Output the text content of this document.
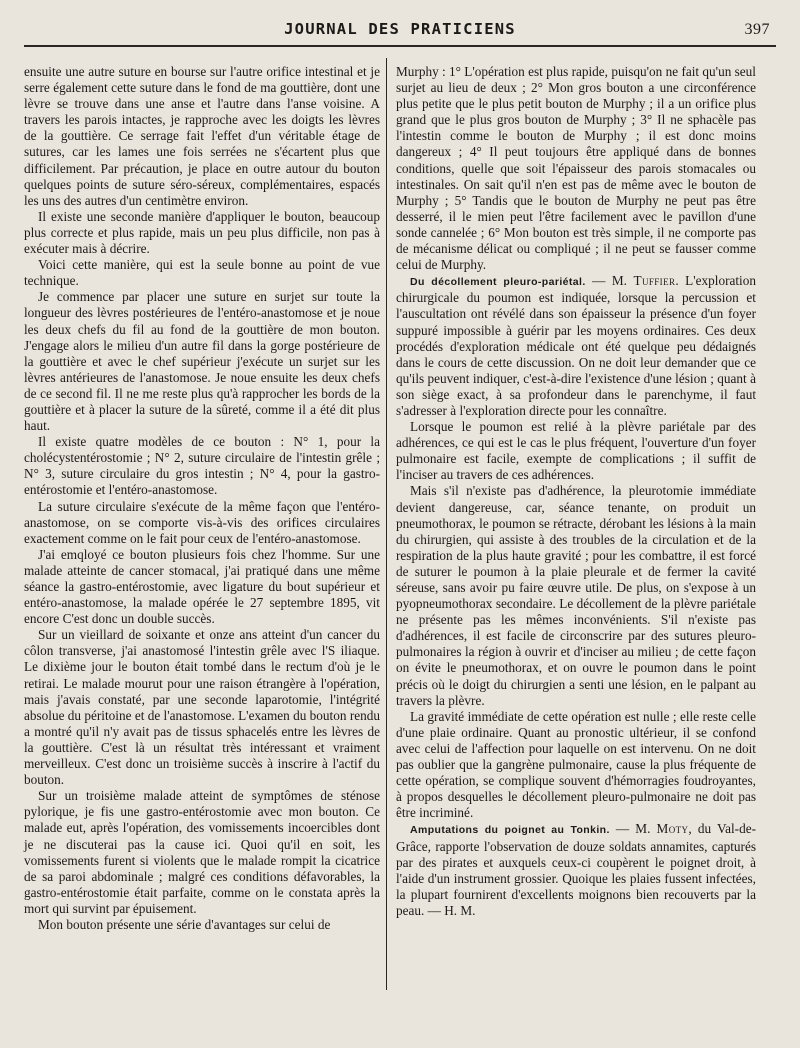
JOURNAL DES PRATICIENS	397

ensuite une autre suture en bourse sur l'autre orifice intestinal et je serre également cette suture dans le fond de ma gouttière, dont une lèvre se trouve dans une anse et l'autre dans l'anse voisine. A travers les parois intactes, je rapproche avec les doigts les lèvres de la gouttière. Ce serrage fait l'effet d'un véritable étage de sutures, car les lames une fois serrées ne s'écartent plus que difficilement. Par précaution, je place en outre autour du bouton quelques points de suture séro-séreux, complémentaires, espacés les uns des autres d'un centimètre environ.

Il existe une seconde manière d'appliquer le bouton, beaucoup plus correcte et plus rapide, mais un peu plus difficile, non pas à exécuter mais à décrire.

Voici cette manière, qui est la seule bonne au point de vue technique.

Je commence par placer une suture en surjet sur toute la longueur des lèvres postérieures de l'entéro-anastomose et je noue les deux chefs du fil au fond de la gouttière de mon bouton. J'engage alors le milieu d'un autre fil dans la gorge postérieure de la gouttière et avec le chef supérieur j'exécute un surjet sur les lèvres antérieures de l'anastomose. Je noue ensuite les deux chefs de ce second fil. Il ne me reste plus qu'à rapprocher les bords de la gouttière et à placer la suture de la sûreté, comme il a été dit plus haut.

Il existe quatre modèles de ce bouton : N° 1, pour la cholécystentérostomie ; N° 2, suture circulaire de l'intestin grêle ; N° 3, suture circulaire du gros intestin ; N° 4, pour la gastro-entérostomie et l'entéro-anastomose.

La suture circulaire s'exécute de la même façon que l'entéro-anastomose, on se comporte vis-à-vis des orifices circulaires exactement comme on le fait pour ceux de l'entéro-anastomose.

J'ai emqloyé ce bouton plusieurs fois chez l'homme. Sur une malade atteinte de cancer stomacal, j'ai pratiqué dans une même séance la gastro-entérostomie, avec ligature du bout supérieur et entéro-anastomose, la malade opérée le 27 septembre 1895, vit encore C'est donc un double succès.

Sur un vieillard de soixante et onze ans atteint d'un cancer du côlon transverse, j'ai anastomosé l'intestin grêle avec l'S iliaque. Le dixième jour le bouton était tombé dans le rectum d'où je le retirai. Le malade mourut pour une raison étrangère à l'opération, mais j'avais constaté, par une seconde laparotomie, l'intégrité absolue du péritoine et de l'anastomose. L'examen du bouton rendu a montré qu'il n'y avait pas de tissus sphacelés entre les lèvres de la gouttière. C'est là un résultat très intéressant et vraiment merveilleux. C'est donc un troisième succès à inscrire à l'actif du bouton.

Sur un troisième malade atteint de symptômes de sténose pylorique, je fis une gastro-entérostomie avec mon bouton. Ce malade eut, après l'opération, des vomissements incoercibles dont je ne discuterai pas la cause ici. Quoi qu'il en soit, les vomissements furent si violents que le malade rompit la cicatrice de sa paroi abdominale ; malgré ces conditions défavorables, la gastro-entérostomie était parfaite, comme on le constata après la mort qui survint par épuisement.

Mon bouton présente une série d'avantages sur celui de

Murphy : 1° L'opération est plus rapide, puisqu'on ne fait qu'un seul surjet au lieu de deux ; 2° Mon gros bouton a une circonférence plus petite que le plus petit bouton de Murphy ; il a un orifice plus grand que le plus gros bouton de Murphy ; 3° Il ne sphacèle pas l'intestin comme le bouton de Murphy ; il est donc moins dangereux ; 4° Il peut toujours être appliqué dans de bonnes conditions, quelle que soit l'épaisseur des parois stomacales ou intestinales. On sait qu'il n'en est pas de même avec le bouton de Murphy ; 5° Tandis que le bouton de Murphy ne peut pas être desserré, il le mien peut l'être facilement avec le pavillon d'une sonde cannelée ; 6° Mon bouton est très simple, il ne comporte pas de mécanisme délicat ou compliqué ; il ne peut se fausser comme celui de Murphy.

Du décollement pleuro-pariétal. — M. Tuffier. L'exploration chirurgicale du poumon est indiquée, lorsque la percussion et l'auscultation ont révélé dans son épaisseur la présence d'un foyer suppuré impossible à guérir par les moyens ordinaires. Ces deux procédés d'exploration médicale ont été quelque peu dédaignés dans le cours de cette discussion. On ne doit leur demander que ce qu'ils peuvent indiquer, c'est-à-dire l'existence d'une lésion ; quant à son siège exact, à sa profondeur dans le parenchyme, il faut s'adresser à l'exploration directe pour les connaître.

Lorsque le poumon est relié à la plèvre pariétale par des adhérences, ce qui est le cas le plus fréquent, l'ouverture d'un foyer pulmonaire est facile, exempte de complications ; il suffit de l'inciser au travers de ces adhérences.

Mais s'il n'existe pas d'adhérence, la pleurotomie immédiate devient dangereuse, car, séance tenante, on produit un pneumothorax, le poumon se rétracte, dérobant les lésions à la main du chirurgien, qui assiste à des troubles de la circulation et de la respiration de la plus haute gravité ; pour les combattre, il est forcé de suturer le poumon à la plaie pleurale et de fermer la cavité séreuse, sans avoir pu faire œuvre utile. De plus, on s'expose à un pyopneumothorax secondaire. Le décollement de la plèvre pariétale ne présente pas les mêmes inconvénients. S'il n'existe pas d'adhérences, il est facile de circonscrire par des sutures pleuro-pulmonaires la région à ouvrir et d'inciser au milieu ; de cette façon on évite le pneumothorax, et on ouvre le poumon dans le point précis où le doigt du chirurgien a senti une lésion, en le palpant au travers la plèvre.

La gravité immédiate de cette opération est nulle ; elle reste celle d'une plaie ordinaire. Quant au pronostic ultérieur, il se confond avec celui de l'affection pour laquelle on est intervenu. On ne doit pas oublier que la gangrène pulmonaire, cause la plus fréquente de cette opération, se complique souvent d'hémorragies foudroyantes, à propos desquelles le décollement pleuro-pulmonaire ne doit pas être incriminé.

Amputations du poignet au Tonkin. — M. Moty, du Val-de-Grâce, rapporte l'observation de douze soldats annamites, capturés par des pirates et auxquels ceux-ci coupèrent le poignet droit, à l'aide d'un instrument grossier. Quoique les plaies fussent infectées, la plupart fournirent d'excellents moignons bien recouverts par la peau. — H. M.
